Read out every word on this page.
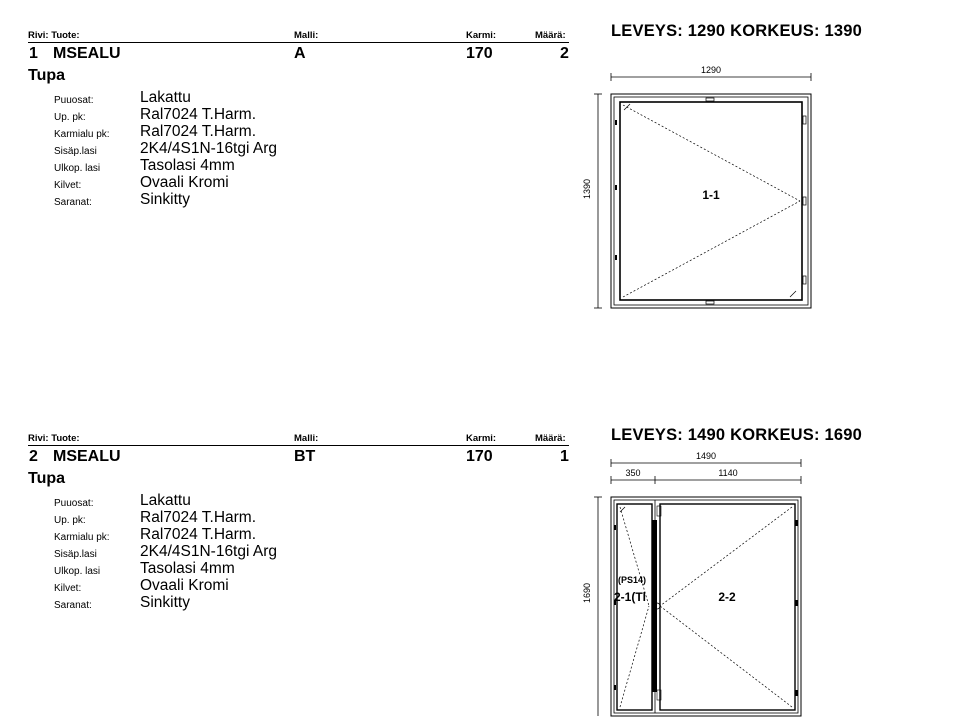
Rivi: Tuote:	Malli:	Karmi:	Määrä:
1 MSEALU	A	170	2
Tupa
Puuosat:	Lakattu
Up. pk:	Ral7024 T.Harm.
Karmialu pk: Ral7024 T.Harm.
Sisäp.lasi	2K4/4S1N-16tgi Arg
Ulkop. lasi	Tasolasi 4mm
Kilvet:	Ovaali Kromi
Saranat:	Sinkitty
LEVEYS: 1290 KORKEUS: 1390
1290
1390	1-1
Rivi: Tuote:	Malli:	Karmi:	Määrä:
2 MSEALU	BT	170	1
Tupa
Puuosat:	Lakattu
Up. pk:	Ral7024 T.Harm.
Karmialu pk: Ral7024 T.Harm.
Sisäp.lasi	2K4/4S1N-16tgi Arg
Ulkop. lasi	Tasolasi 4mm
Kilvet:	Ovaali Kromi
Saranat:	Sinkitty
LEVEYS: 1490 KORKEUS: 1690
1490
350	1140
1690
(PS14)
2-1(Tl	2-2
